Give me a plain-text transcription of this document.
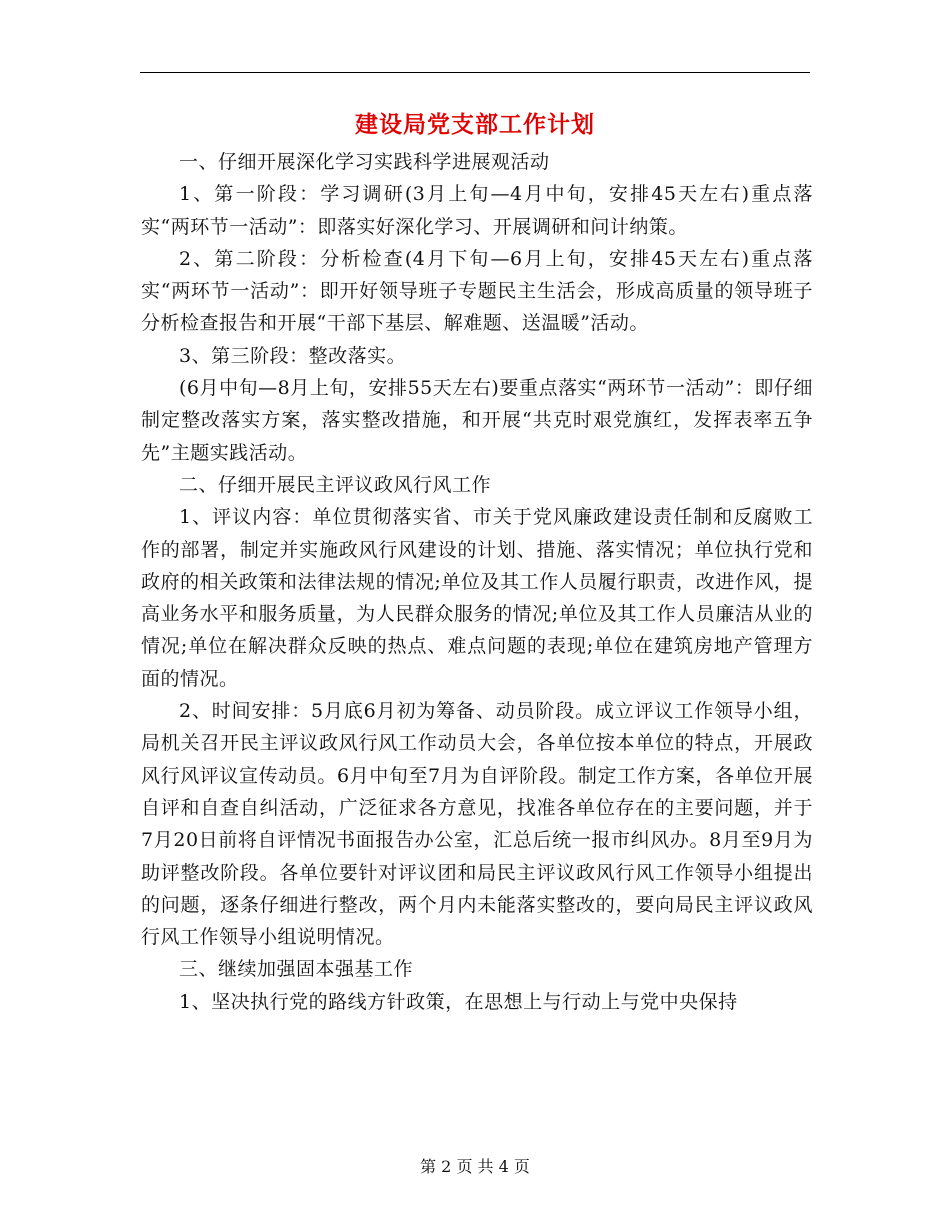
建设局党支部工作计划

一、仔细开展深化学习实践科学进展观活动

1、第一阶段：学习调研(3月上旬—4月中旬，安排45天左右)重点落实“两环节一活动”：即落实好深化学习、开展调研和问计纳策。

2、第二阶段：分析检查(4月下旬—6月上旬，安排45天左右)重点落实“两环节一活动”：即开好领导班子专题民主生活会，形成高质量的领导班子分析检查报告和开展“干部下基层、解难题、送温暖”活动。

3、第三阶段：整改落实。

(6月中旬—8月上旬，安排55天左右)要重点落实“两环节一活动”：即仔细制定整改落实方案，落实整改措施，和开展“共克时艰党旗红，发挥表率五争先”主题实践活动。

二、仔细开展民主评议政风行风工作

1、评议内容：单位贯彻落实省、市关于党风廉政建设责任制和反腐败工作的部署，制定并实施政风行风建设的计划、措施、落实情况；单位执行党和政府的相关政策和法律法规的情况;单位及其工作人员履行职责，改进作风，提高业务水平和服务质量，为人民群众服务的情况;单位及其工作人员廉洁从业的情况;单位在解决群众反映的热点、难点问题的表现;单位在建筑房地产管理方面的情况。

2、时间安排：5月底6月初为筹备、动员阶段。成立评议工作领导小组，局机关召开民主评议政风行风工作动员大会，各单位按本单位的特点，开展政风行风评议宣传动员。6月中旬至7月为自评阶段。制定工作方案，各单位开展自评和自查自纠活动，广泛征求各方意见，找准各单位存在的主要问题，并于7月20日前将自评情况书面报告办公室，汇总后统一报市纠风办。8月至9月为助评整改阶段。各单位要针对评议团和局民主评议政风行风工作领导小组提出的问题，逐条仔细进行整改，两个月内未能落实整改的，要向局民主评议政风行风工作领导小组说明情况。

三、继续加强固本强基工作

1、坚决执行党的路线方针政策，在思想上与行动上与党中央保持

第 2 页 共 4 页
